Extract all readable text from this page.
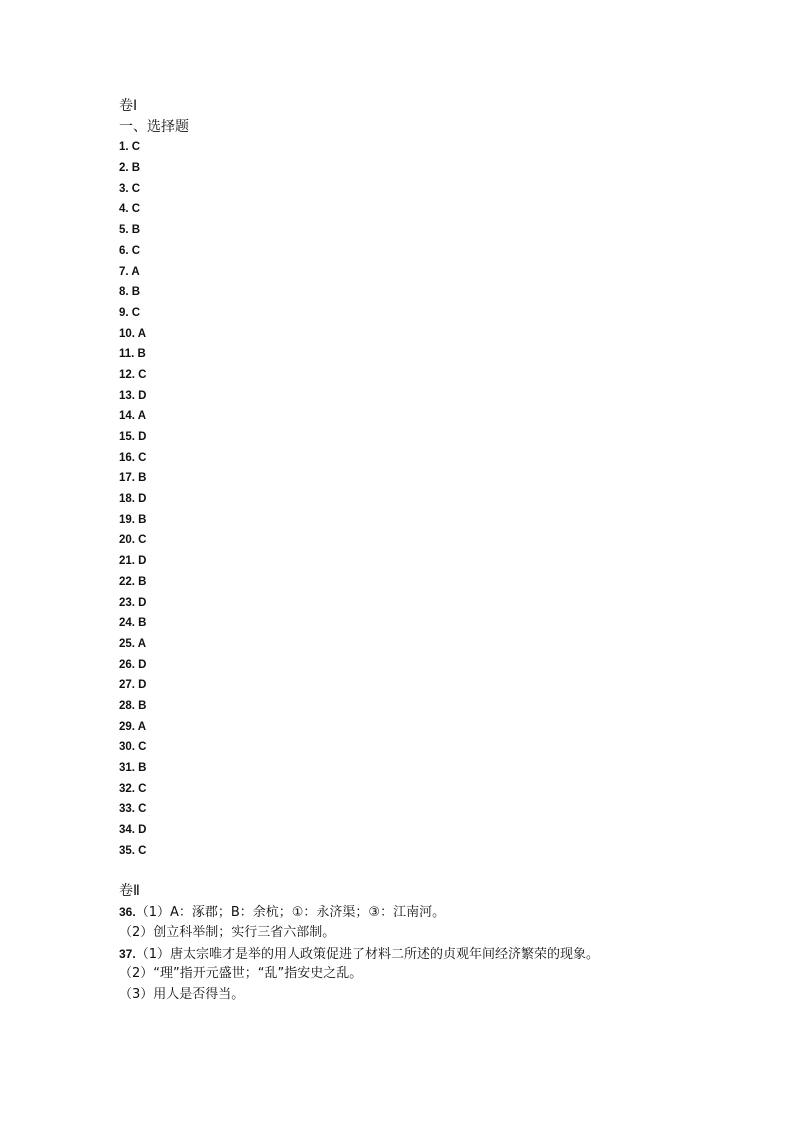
卷Ⅰ
一、选择题
1. C
2. B
3. C
4. C
5. B
6. C
7. A
8. B
9. C
10. A
11. B
12. C
13. D
14. A
15. D
16. C
17. B
18. D
19. B
20. C
21. D
22. B
23. D
24. B
25. A
26. D
27. D
28. B
29. A
30. C
31. B
32. C
33. C
34. D
35. C
卷Ⅱ
36.（1）A：涿郡；B：余杭；①：永济渠；③：江南河。
（2）创立科举制；实行三省六部制。
37.（1）唐太宗唯才是举的用人政策促进了材料二所述的贞观年间经济繁荣的现象。
（2）“理”指开元盛世；“乱”指安史之乱。
（3）用人是否得当。
